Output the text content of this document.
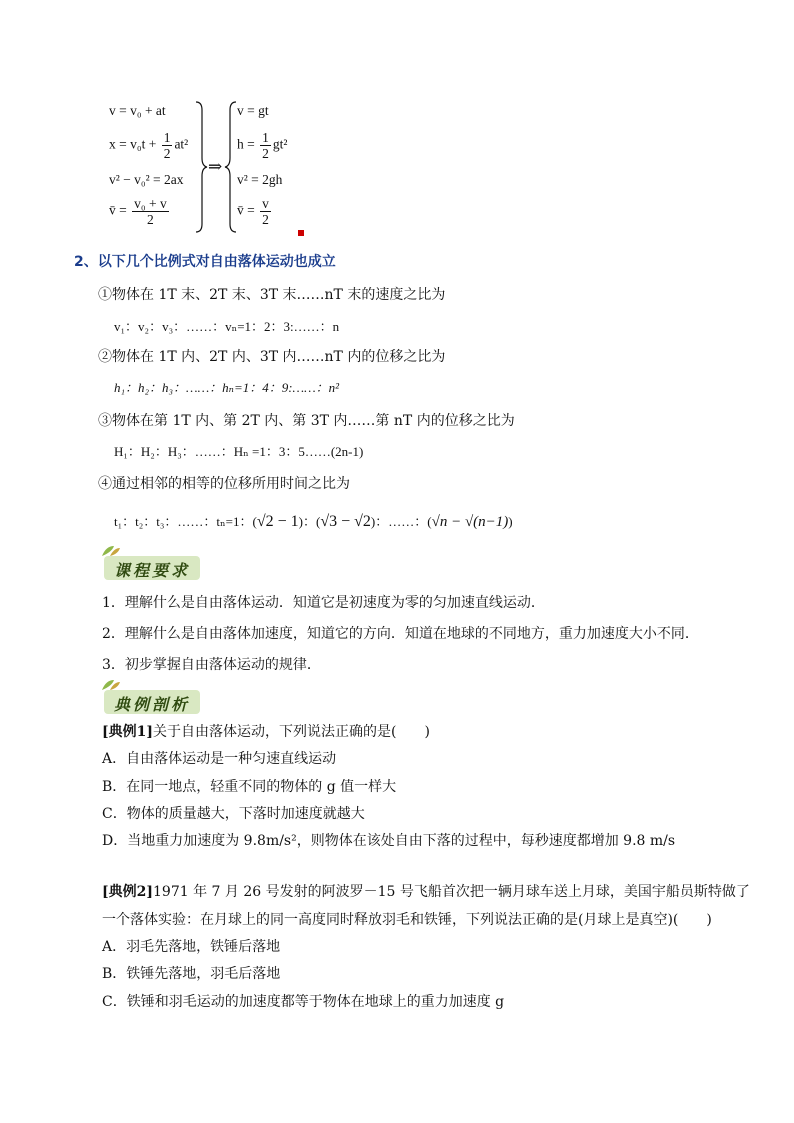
v = v₀ + at
$x = v_0t + \frac{1}{2} at^2$
v² − v₀² = 2ax
v̄ = $\frac{\text{v₀ + v}}{2}$
⇒
v = gt
$h = \frac{1}{2} gt^2$
v² = 2gh
v̄ = $\frac{v}{2}$
2、以下几个比例式对自由落体运动也成立
①物体在 1T 末、2T 末、3T 末……nT 末的速度之比为
v₁：v₂：v₃：……：vₙ=1：2：3:……：n
②物体在 1T 内、2T 内、3T 内……nT 内的位移之比为
h₁：h₂：h₃：……：hₙ=1：4：9:……：n²
③物体在第 1T 内、第 2T 内、第 3T 内……第 nT 内的位移之比为
H₁：H₂：H₃：……：Hₙ =1：3：5……(2n-1)
④通过相邻的相等的位移所用时间之比为
t₁：t₂：t₃：……：tₙ=1：(√2 − 1)：(√3 − √2)：……：(√n − √(n−1))
课程要求
1．理解什么是自由落体运动．知道它是初速度为零的匀加速直线运动．
2．理解什么是自由落体加速度，知道它的方向．知道在地球的不同地方，重力加速度大小不同．
3．初步掌握自由落体运动的规律．
典例剖析
[典例1]关于自由落体运动，下列说法正确的是(　　)
A．自由落体运动是一种匀速直线运动
B．在同一地点，轻重不同的物体的 g 值一样大
C．物体的质量越大，下落时加速度就越大
D．当地重力加速度为 9.8m/s²，则物体在该处自由下落的过程中，每秒速度都增加 9.8 m/s
[典例2]1971 年 7 月 26 号发射的阿波罗－15 号飞船首次把一辆月球车送上月球，美国宇船员斯特做了
一个落体实验：在月球上的同一高度同时释放羽毛和铁锤，下列说法正确的是(月球上是真空)(　　)
A．羽毛先落地，铁锤后落地
B．铁锤先落地，羽毛后落地
C．铁锤和羽毛运动的加速度都等于物体在地球上的重力加速度 g
